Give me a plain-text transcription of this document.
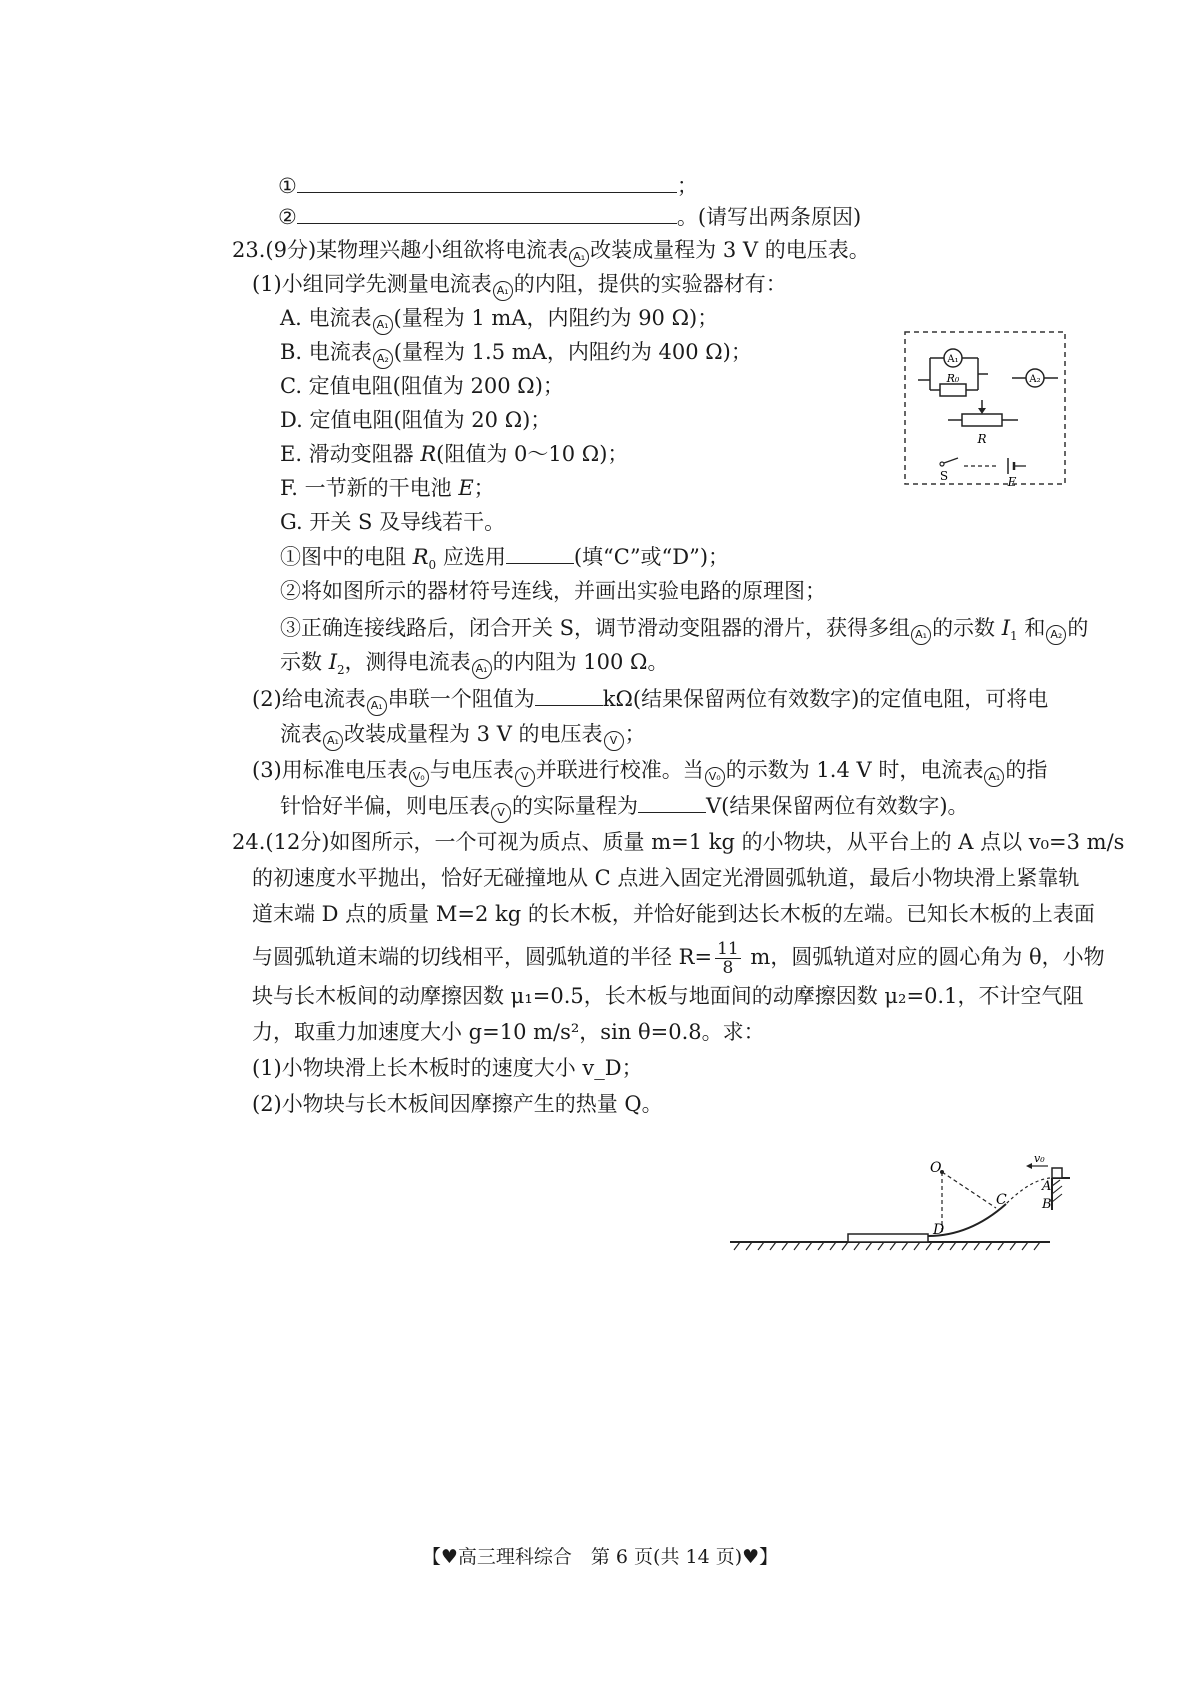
①	；
②	。(请写出两条原因)
23.(9分)某物理兴趣小组欲将电流表 A₁ 改装成量程为 3 V 的电压表。
(1)小组同学先测量电流表 A₁ 的内阻，提供的实验器材有：
A. 电流表 A₁ (量程为 1 mA，内阻约为 90 Ω)；
B. 电流表 A₂ (量程为 1.5 mA，内阻约为 400 Ω)；
C. 定值电阻(阻值为 200 Ω)；
D. 定值电阻(阻值为 20 Ω)；
E. 滑动变阻器 R(阻值为 0～10 Ω)；
F. 一节新的干电池 E；
G. 开关 S 及导线若干。
①图中的电阻 $R_0$ 应选用	(填“C”或“D”)；
②将如图所示的器材符号连线，并画出实验电路的原理图；
③正确连接线路后，闭合开关 S，调节滑动变阻器的滑片，获得多组 A₁ 的示数 $I_1$ 和 A₂ 的
示数 $I_2$，测得电流表 A₁ 的内阻为 100 Ω。
(2)给电流表 A₁ 串联一个阻值为	kΩ(结果保留两位有效数字)的定值电阻，可将电
流表 A₁ 改装成量程为 3 V 的电压表 V ；
(3)用标准电压表 V₀ 与电压表 V 并联进行校准。当 V₀ 的示数为 1.4 V 时，电流表 A₁ 的指
针恰好半偏，则电压表 V 的实际量程为	V(结果保留两位有效数字)。
A₁
R₀	A₂
R
S	E
24.(12分)如图所示，一个可视为质点、质量 m=1 kg 的小物块，从平台上的 A 点以 v₀=3 m/s
的初速度水平抛出，恰好无碰撞地从 C 点进入固定光滑圆弧轨道，最后小物块滑上紧靠轨
道末端 D 点的质量 M=2 kg 的长木板，并恰好能到达长木板的左端。已知长木板的上表面
与圆弧轨道末端的切线相平，圆弧轨道的半径 $R= \frac{11}{8}$ m，圆弧轨道对应的圆心角为 θ，小物
块与长木板间的动摩擦因数 μ₁=0.5，长木板与地面间的动摩擦因数 μ₂=0.1，不计空气阻
力，取重力加速度大小 g=10 m/s²，sin θ=0.8。求：
(1)小物块滑上长木板时的速度大小 v_D；
(2)小物块与长木板间因摩擦产生的热量 Q。
O
D
C
A
B
v₀
【♥高三理科综合　第 6 页(共 14 页)♥】
